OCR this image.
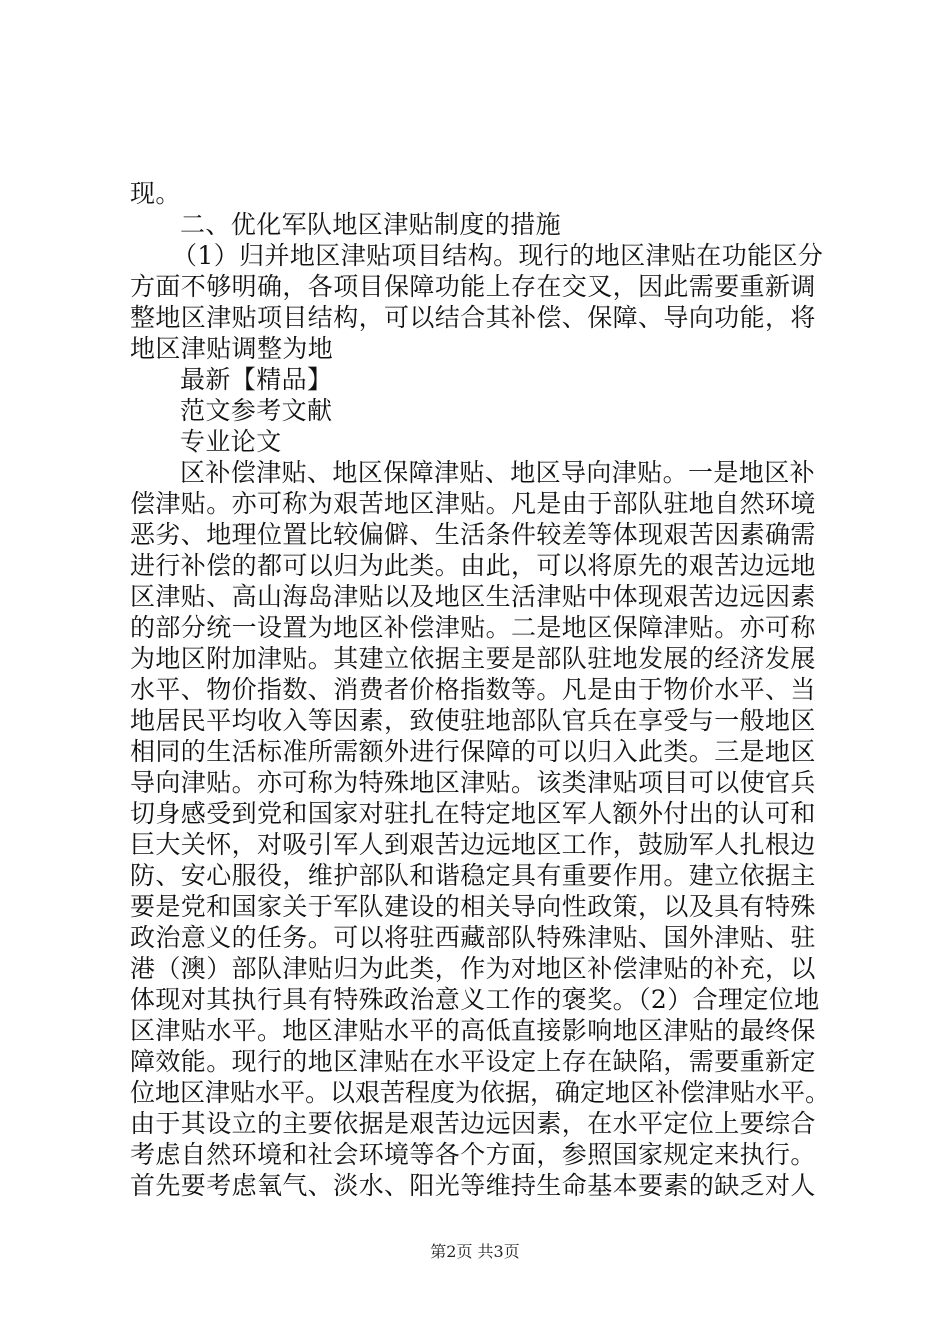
现。
二、优化军队地区津贴制度的措施
（1）归并地区津贴项目结构。现行的地区津贴在功能区分
方面不够明确，各项目保障功能上存在交叉，因此需要重新调
整地区津贴项目结构，可以结合其补偿、保障、导向功能，将
地区津贴调整为地
最新【精品】
范文参考文献
专业论文
区补偿津贴、地区保障津贴、地区导向津贴。一是地区补
偿津贴。亦可称为艰苦地区津贴。凡是由于部队驻地自然环境
恶劣、地理位置比较偏僻、生活条件较差等体现艰苦因素确需
进行补偿的都可以归为此类。由此，可以将原先的艰苦边远地
区津贴、高山海岛津贴以及地区生活津贴中体现艰苦边远因素
的部分统一设置为地区补偿津贴。二是地区保障津贴。亦可称
为地区附加津贴。其建立依据主要是部队驻地发展的经济发展
水平、物价指数、消费者价格指数等。凡是由于物价水平、当
地居民平均收入等因素，致使驻地部队官兵在享受与一般地区
相同的生活标准所需额外进行保障的可以归入此类。三是地区
导向津贴。亦可称为特殊地区津贴。该类津贴项目可以使官兵
切身感受到党和国家对驻扎在特定地区军人额外付出的认可和
巨大关怀，对吸引军人到艰苦边远地区工作，鼓励军人扎根边
防、安心服役，维护部队和谐稳定具有重要作用。建立依据主
要是党和国家关于军队建设的相关导向性政策，以及具有特殊
政治意义的任务。可以将驻西藏部队特殊津贴、国外津贴、驻
港（澳）部队津贴归为此类，作为对地区补偿津贴的补充，以
体现对其执行具有特殊政治意义工作的褒奖。（2）合理定位地
区津贴水平。地区津贴水平的高低直接影响地区津贴的最终保
障效能。现行的地区津贴在水平设定上存在缺陷，需要重新定
位地区津贴水平。以艰苦程度为依据，确定地区补偿津贴水平。
由于其设立的主要依据是艰苦边远因素，在水平定位上要综合
考虑自然环境和社会环境等各个方面，参照国家规定来执行。
首先要考虑氧气、淡水、阳光等维持生命基本要素的缺乏对人
第2页 共3页
